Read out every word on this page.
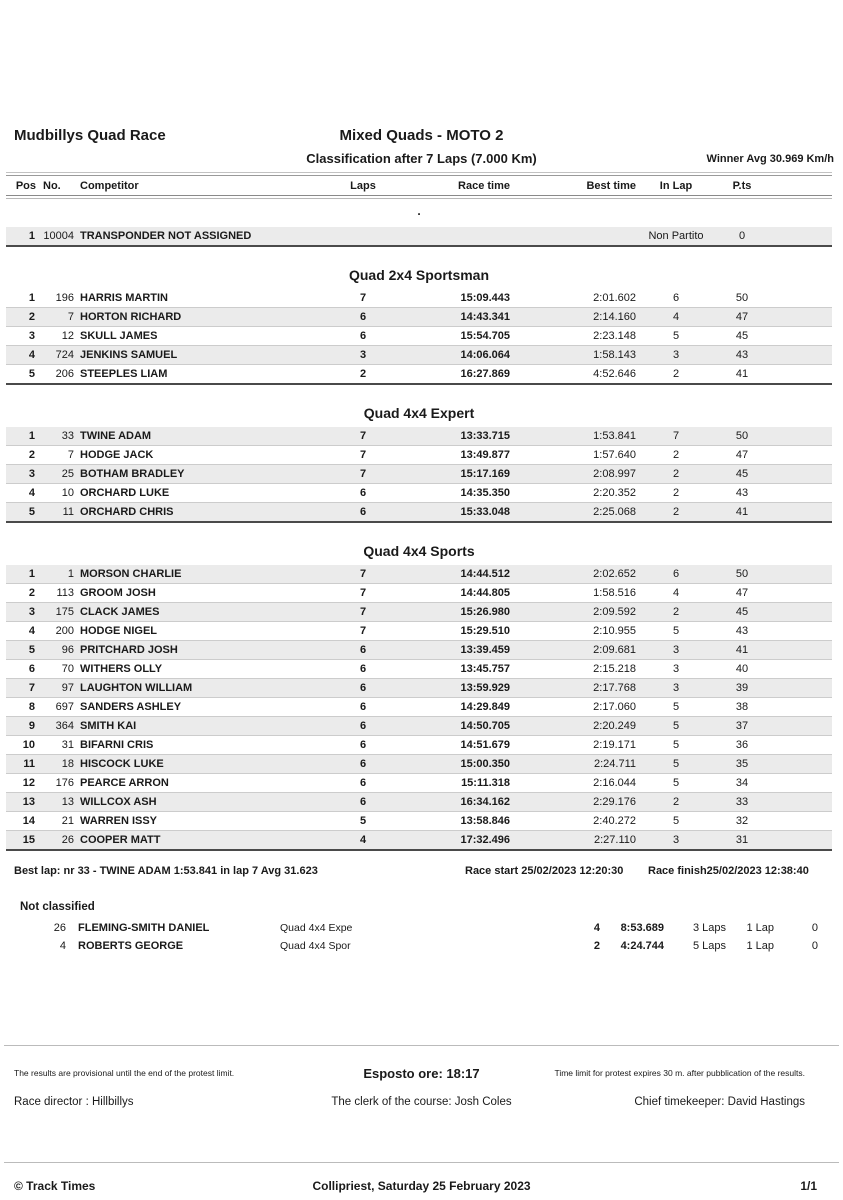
Mudbillys Quad Race	Mixed Quads - MOTO 2
Classification after 7 Laps (7.000 Km)	Winner Avg 30.969 Km/h
Pos No.	Competitor	Laps	Race time	Best time	In Lap	P.ts
.
1 10004 TRANSPONDER NOT ASSIGNED	Non Partito	0
Quad 2x4 Sportsman
1	196 HARRIS MARTIN	7	15:09.443	2:01.602	6	50
2	7 HORTON RICHARD	6	14:43.341	2:14.160	4	47
3	12 SKULL JAMES	6	15:54.705	2:23.148	5	45
4	724 JENKINS SAMUEL	3	14:06.064	1:58.143	3	43
5	206 STEEPLES LIAM	2	16:27.869	4:52.646	2	41
Quad 4x4 Expert
1	33 TWINE ADAM	7	13:33.715	1:53.841	7	50
2	7 HODGE JACK	7	13:49.877	1:57.640	2	47
3	25 BOTHAM BRADLEY	7	15:17.169	2:08.997	2	45
4	10 ORCHARD LUKE	6	14:35.350	2:20.352	2	43
5	11 ORCHARD CHRIS	6	15:33.048	2:25.068	2	41
Quad 4x4 Sports
1	1 MORSON CHARLIE	7	14:44.512	2:02.652	6	50
2	113 GROOM JOSH	7	14:44.805	1:58.516	4	47
3	175 CLACK JAMES	7	15:26.980	2:09.592	2	45
4	200 HODGE NIGEL	7	15:29.510	2:10.955	5	43
5	96 PRITCHARD JOSH	6	13:39.459	2:09.681	3	41
6	70 WITHERS OLLY	6	13:45.757	2:15.218	3	40
7	97 LAUGHTON WILLIAM	6	13:59.929	2:17.768	3	39
8	697 SANDERS ASHLEY	6	14:29.849	2:17.060	5	38
9	364 SMITH KAI	6	14:50.705	2:20.249	5	37
10	31 BIFARNI CRIS	6	14:51.679	2:19.171	5	36
11	18 HISCOCK LUKE	6	15:00.350	2:24.711	5	35
12	176 PEARCE ARRON	6	15:11.318	2:16.044	5	34
13	13 WILLCOX ASH	6	16:34.162	2:29.176	2	33
14	21 WARREN ISSY	5	13:58.846	2:40.272	5	32
15	26 COOPER MATT	4	17:32.496	2:27.110	3	31
Best lap: nr 33 - TWINE ADAM 1:53.841 in lap 7 Avg 31.623	Race start 25/02/2023 12:20:30 Race finish25/02/2023 12:38:40
Not classified
26	FLEMING-SMITH DANIEL	Quad 4x4 Expe	4	8:53.689	3 Laps	1 Lap	0
4	ROBERTS GEORGE	Quad 4x4 Spor	2	4:24.744	5 Laps	1 Lap	0
The results are provisional until the end of the protest limit.	Esposto ore: 18:17	Time limit for protest expires 30 m. after pubblication of the results.
Race director : Hillbillys	The clerk of the course: Josh Coles	Chief timekeeper: David Hastings
© Track Times	Collipriest, Saturday 25 February 2023	1/1
